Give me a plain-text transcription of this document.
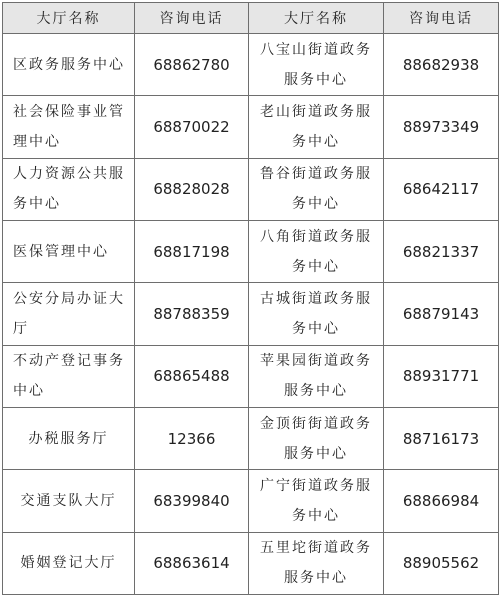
大厅名称	咨询电话	大厅名称	咨询电话
区政务服务中心	68862780	八宝山街道政务服务中心	88682938
社会保险事业管理中心	68870022	老山街道政务服务中心	88973349
人力资源公共服务中心	68828028	鲁谷街道政务服务中心	68642117
医保管理中心	68817198	八角街道政务服务中心	68821337
公安分局办证大厅	88788359	古城街道政务服务中心	68879143
不动产登记事务中心	68865488	苹果园街道政务服务中心	88931771
办税服务厅	12366	金顶街街道政务服务中心	88716173
交通支队大厅	68399840	广宁街道政务服务中心	68866984
婚姻登记大厅	68863614	五里坨街道政务服务中心	88905562
